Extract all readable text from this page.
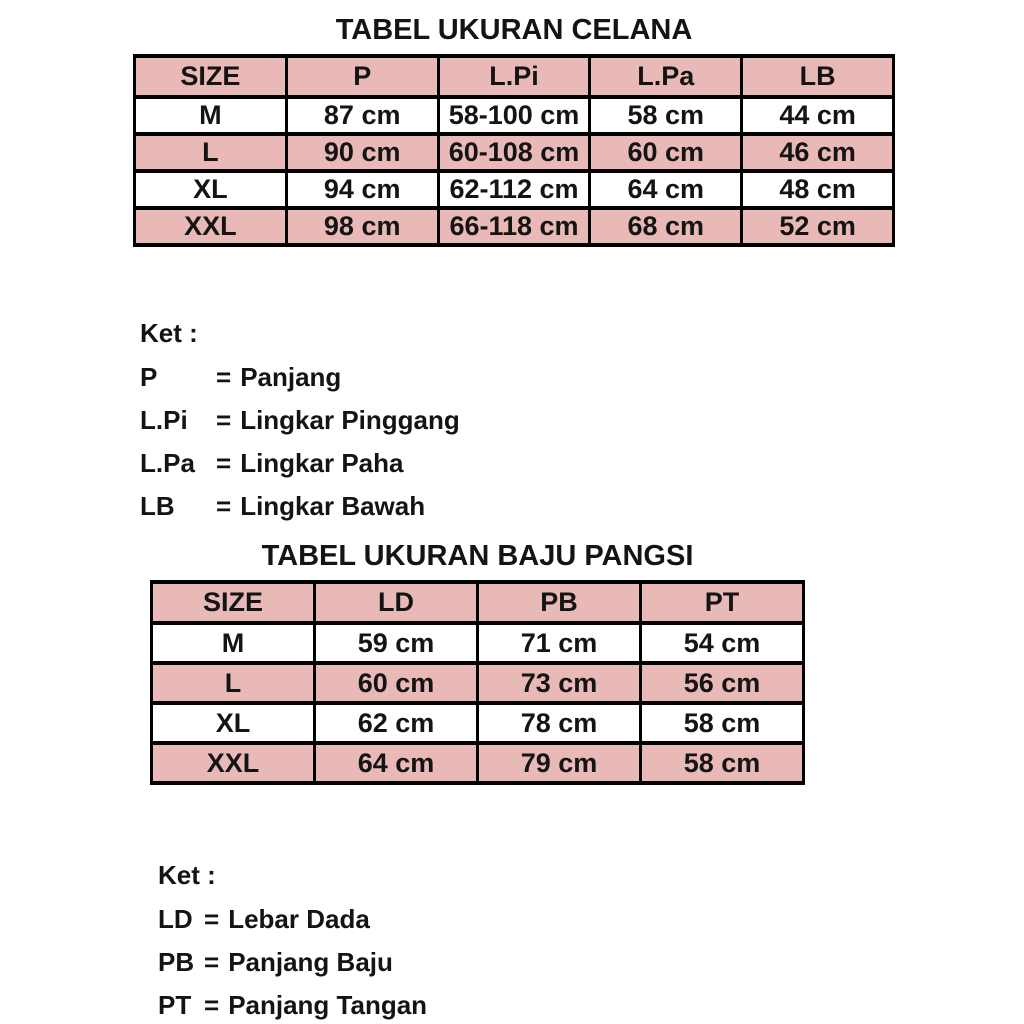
TABEL UKURAN CELANA
SIZE	P	L.Pi	L.Pa	LB
M	87 cm	58-100 cm	58 cm	44 cm
L	90 cm	60-108 cm	60 cm	46 cm
XL	94 cm	62-112 cm	64 cm	48 cm
XXL	98 cm	66-118 cm	68 cm	52 cm
Ket :
P	= Panjang
L.Pi	= Lingkar Pinggang
L.Pa = Lingkar Paha
LB	= Lingkar Bawah
TABEL UKURAN BAJU PANGSI
SIZE	LD	PB	PT
M	59 cm	71 cm	54 cm
L	60 cm	73 cm	56 cm
XL	62 cm	78 cm	58 cm
XXL	64 cm	79 cm	58 cm
Ket :
LD = Lebar Dada
PB = Panjang Baju
PT = Panjang Tangan
